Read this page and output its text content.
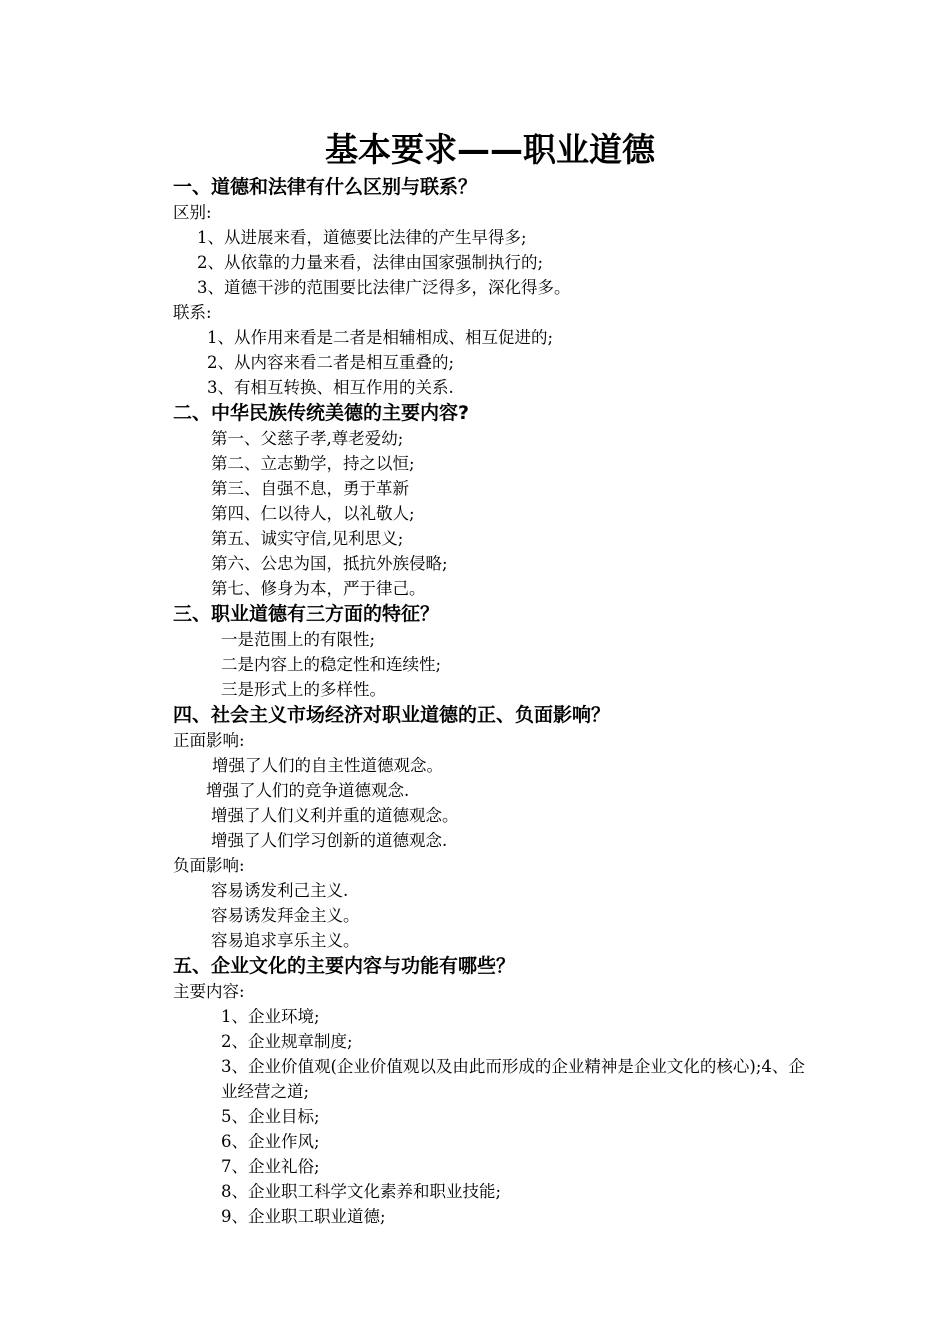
基本要求——职业道德

一、道德和法律有什么区别与联系？

区别:

1、从进展来看，道德要比法律的产生早得多;

2、从依靠的力量来看，法律由国家强制执行的;

3、道德干涉的范围要比法律广泛得多，深化得多。

联系:

1、从作用来看是二者是相辅相成、相互促进的;

2、从内容来看二者是相互重叠的;

3、有相互转换、相互作用的关系.

二、中华民族传统美德的主要内容?

第一、父慈子孝,尊老爱幼;

第二、立志勤学，持之以恒;

第三、自强不息，勇于革新

第四、仁以待人，以礼敬人;

第五、诚实守信,见利思义;

第六、公忠为国，抵抗外族侵略;

第七、修身为本，严于律己。

三、职业道德有三方面的特征？

一是范围上的有限性;

二是内容上的稳定性和连续性;

三是形式上的多样性。

四、社会主义市场经济对职业道德的正、负面影响？

正面影响:

增强了人们的自主性道德观念。

增强了人们的竞争道德观念.

增强了人们义利并重的道德观念。

增强了人们学习创新的道德观念.

负面影响:

容易诱发利己主义.

容易诱发拜金主义。

容易追求享乐主义。

五、企业文化的主要内容与功能有哪些？

主要内容:

1、企业环境;

2、企业规章制度;

3、企业价值观(企业价值观以及由此而形成的企业精神是企业文化的核心);4、企业经营之道;

5、企业目标;

6、企业作风;

7、企业礼俗;

8、企业职工科学文化素养和职业技能;

9、企业职工职业道德;
